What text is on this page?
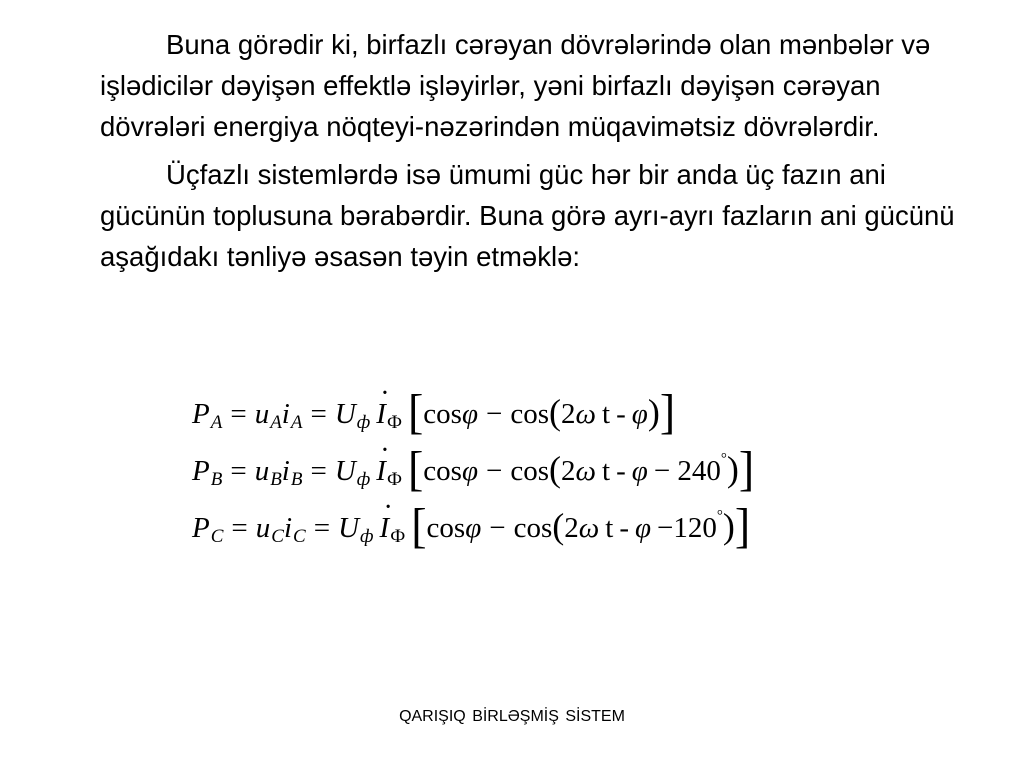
Buna görədir ki, birfazlı cərəyan dövrələrində olan mənbələr və işlədicilər dəyişən effektlə işləyirlər, yəni birfazlı dəyişən cərəyan dövrələri energiya nöqteyi-nəzərindən müqavimətsiz dövrələrdir.

Üçfazlı sistemlərdə isə ümumi güc hər bir anda üç fazın ani gücünün toplusuna bərabərdir. Buna görə ayrı-ayrı fazların ani gücünü aşağıdakı tənliyə əsasən təyin etməklə:

P A = u A i A = U ф · I Ф [ cos φ − cos ( 2 ω t - φ ) ]
P B = u B i B = U ф · I Ф [ cos φ − cos ( 2 ω t - φ − 240 ° ) ]
P C = u C i C = U ф · I Ф [ cos φ − cos ( 2 ω t - φ −120 ° ) ]
QARIŞIQ BİRLƏŞMİŞ SİSTEM
